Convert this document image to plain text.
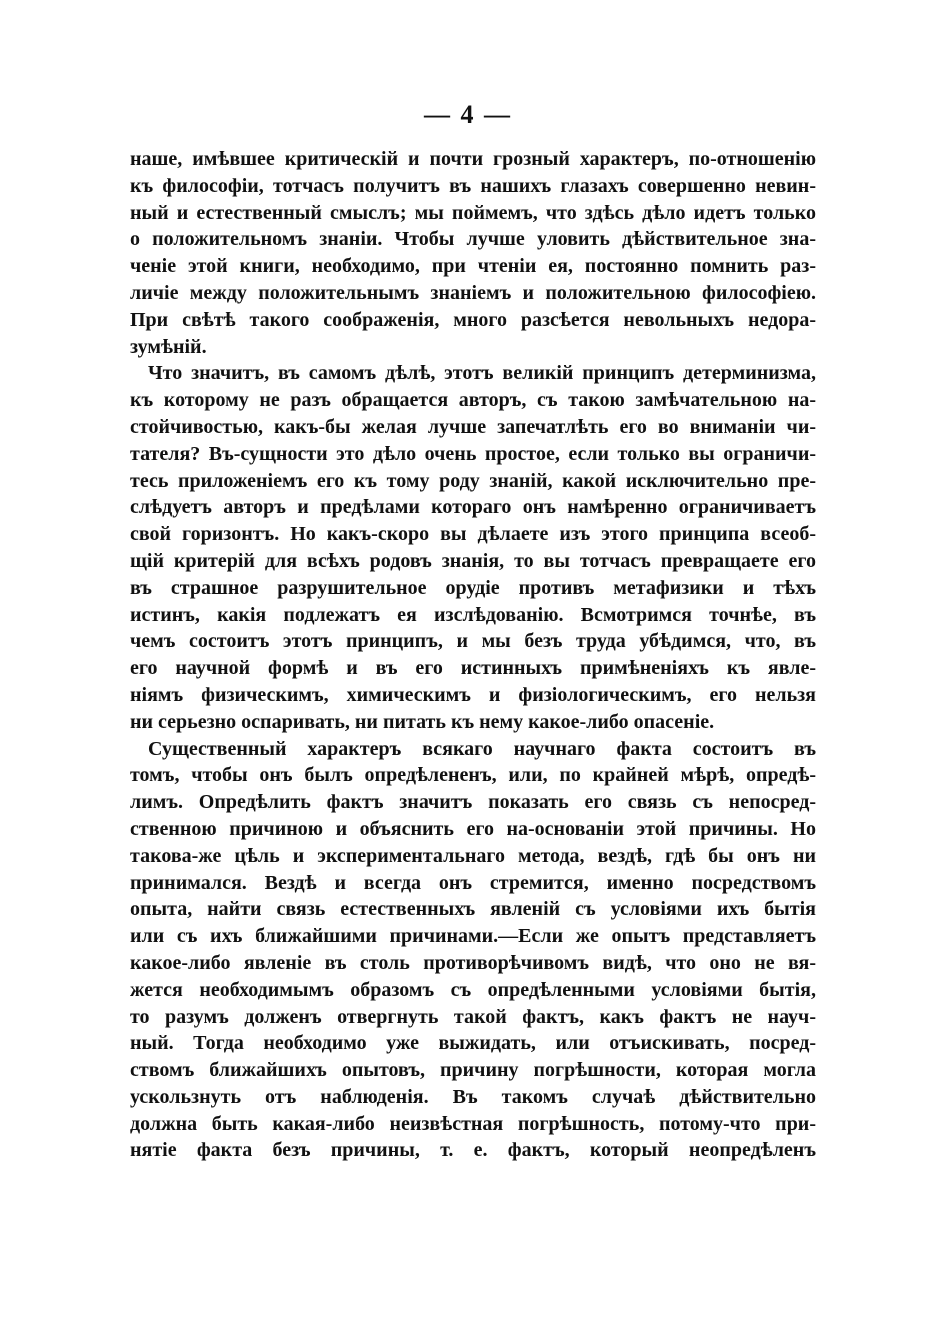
— 4 —
наше, имѣвшее критическій и почти грозный характеръ, по-отношенію
къ философіи, тотчасъ получитъ въ нашихъ глазахъ совершенно невин-
ный и естественный смыслъ; мы поймемъ, что здѣсь дѣло идетъ только
о положительномъ знаніи. Чтобы лучше уловить дѣйствительное зна-
ченіе этой книги, необходимо, при чтеніи ея, постоянно помнить раз-
личіе между положительнымъ знаніемъ и положительною философіею.
При свѣтѣ такого соображенія, много разсѣется невольныхъ недора-
зумѣній.
Что значитъ, въ самомъ дѣлѣ, этотъ великій принципъ детерминизма,
къ которому не разъ обращается авторъ, съ такою замѣчательною на-
стойчивостью, какъ-бы желая лучше запечатлѣть его во вниманіи чи-
тателя? Въ-сущности это дѣло очень простое, если только вы ограничи-
тесь приложеніемъ его къ тому роду знаній, какой исключительно пре-
слѣдуетъ авторъ и предѣлами котораго онъ намѣренно ограничиваетъ
свой горизонтъ. Но какъ-скоро вы дѣлаете изъ этого принципа всеоб-
щій критерій для всѣхъ родовъ знанія, то вы тотчасъ превращаете его
въ страшное разрушительное орудіе противъ метафизики и тѣхъ
истинъ, какія подлежатъ ея изслѣдованію. Всмотримся точнѣе, въ
чемъ состоитъ этотъ принципъ, и мы безъ труда убѣдимся, что, въ
его научной формѣ и въ его истинныхъ примѣненіяхъ къ явле-
ніямъ физическимъ, химическимъ и физіологическимъ, его нельзя
ни серьезно оспаривать, ни питать къ нему какое-либо опасеніе.
Существенный характеръ всякаго научнаго факта состоитъ въ
томъ, чтобы онъ былъ опредѣлененъ, или, по крайней мѣрѣ, опредѣ-
лимъ. Опредѣлить фактъ значитъ показать его связь съ непосред-
ственною причиною и объяснить его на-основаніи этой причины. Но
такова-же цѣль и экспериментальнаго метода, вездѣ, гдѣ бы онъ ни
принимался. Вездѣ и всегда онъ стремится, именно посредствомъ
опыта, найти связь естественныхъ явленій съ условіями ихъ бытія
или съ ихъ ближайшими причинами.—Если же опытъ представляетъ
какое-либо явленіе въ столь противорѣчивомъ видѣ, что оно не вя-
жется необходимымъ образомъ съ опредѣленными условіями бытія,
то разумъ долженъ отвергнуть такой фактъ, какъ фактъ не науч-
ный. Тогда необходимо уже выжидать, или отъискивать, посред-
ствомъ ближайшихъ опытовъ, причину погрѣшности, которая могла
ускользнуть отъ наблюденія. Въ такомъ случаѣ дѣйствительно
должна быть какая-либо неизвѣстная погрѣшность, потому-что при-
нятіе факта безъ причины, т. е. фактъ, который неопредѣленъ
